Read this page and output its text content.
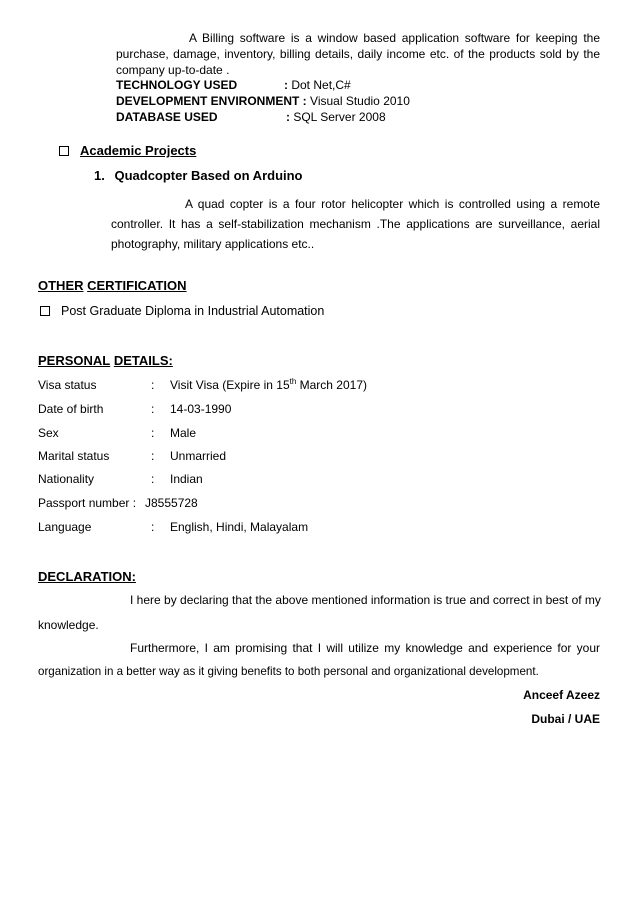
A Billing software is a window based application software for keeping the purchase, damage, inventory, billing details, daily income etc. of the products sold by the company up-to-date .
TECHNOLOGY USED	: Dot Net,C#
DEVELOPMENT ENVIRONMENT : Visual Studio 2010
DATABASE USED	: SQL Server 2008
Academic Projects
1. Quadcopter Based on Arduino
A quad copter is a four rotor helicopter which is controlled using a remote controller. It has a self-stabilization mechanism .The applications are surveillance, aerial photography, military applications etc..
OTHER CERTIFICATION
Post Graduate Diploma in Industrial Automation
PERSONAL DETAILS:
Visa status	: Visit Visa (Expire in 15th March 2017)
Date of birth	: 14-03-1990
Sex	: Male
Marital status	: Unmarried
Nationality	: Indian
Passport number : J8555728
Language	: English, Hindi, Malayalam
DECLARATION:
I here by declaring that the above mentioned information is true and correct in best of my
knowledge.
Furthermore, I am promising that I will utilize my knowledge and experience for your
organization in a better way as it giving benefits to both personal and organizational development.
Anceef Azeez
Dubai / UAE
